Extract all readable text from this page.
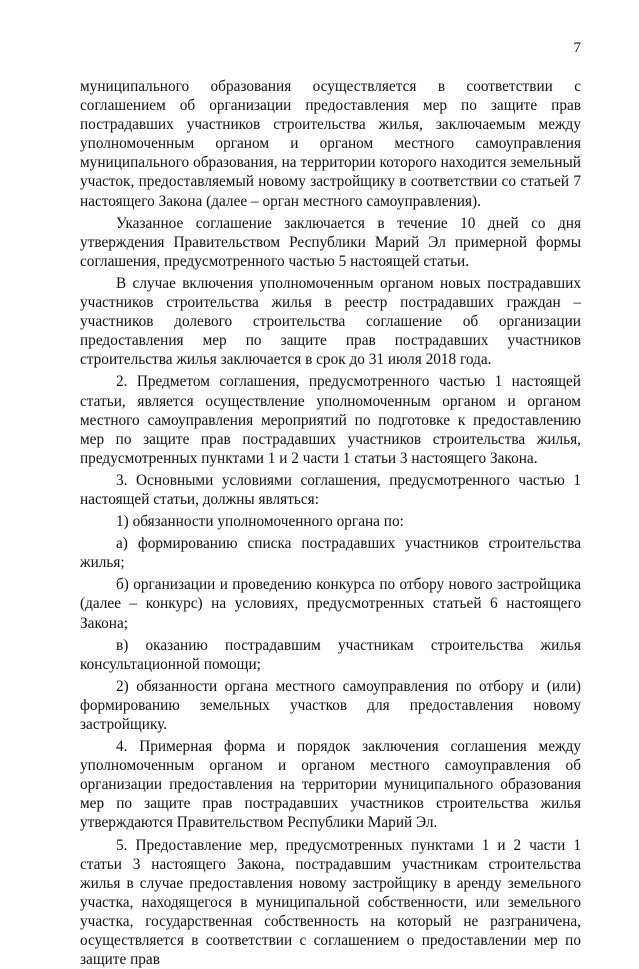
7

муниципального образования осуществляется в соответствии с соглашением об организации предоставления мер по защите прав пострадавших участников строительства жилья, заключаемым между уполномоченным органом и органом местного самоуправления муниципального образования, на территории которого находится земельный участок, предоставляемый новому застройщику в соответствии со статьей 7 настоящего Закона (далее – орган местного самоуправления).

Указанное соглашение заключается в течение 10 дней со дня утверждения Правительством Республики Марий Эл примерной формы соглашения, предусмотренного частью 5 настоящей статьи.

В случае включения уполномоченным органом новых пострадавших участников строительства жилья в реестр пострадавших граждан – участников долевого строительства соглашение об организации предоставления мер по защите прав пострадавших участников строительства жилья заключается в срок до 31 июля 2018 года.

2. Предметом соглашения, предусмотренного частью 1 настоящей статьи, является осуществление уполномоченным органом и органом местного самоуправления мероприятий по подготовке к предоставлению мер по защите прав пострадавших участников строительства жилья, предусмотренных пунктами 1 и 2 части 1 статьи 3 настоящего Закона.

3. Основными условиями соглашения, предусмотренного частью 1 настоящей статьи, должны являться:

1) обязанности уполномоченного органа по:

а) формированию списка пострадавших участников строительства жилья;

б) организации и проведению конкурса по отбору нового застройщика (далее – конкурс) на условиях, предусмотренных статьей 6 настоящего Закона;

в) оказанию пострадавшим участникам строительства жилья консультационной помощи;

2) обязанности органа местного самоуправления по отбору и (или) формированию земельных участков для предоставления новому застройщику.

4. Примерная форма и порядок заключения соглашения между уполномоченным органом и органом местного самоуправления об организации предоставления на территории муниципального образования мер по защите прав пострадавших участников строительства жилья утверждаются Правительством Республики Марий Эл.

5. Предоставление мер, предусмотренных пунктами 1 и 2 части 1 статьи 3 настоящего Закона, пострадавшим участникам строительства жилья в случае предоставления новому застройщику в аренду земельного участка, находящегося в муниципальной собственности, или земельного участка, государственная собственность на который не разграничена, осуществляется в соответствии с соглашением о предоставлении мер по защите прав
